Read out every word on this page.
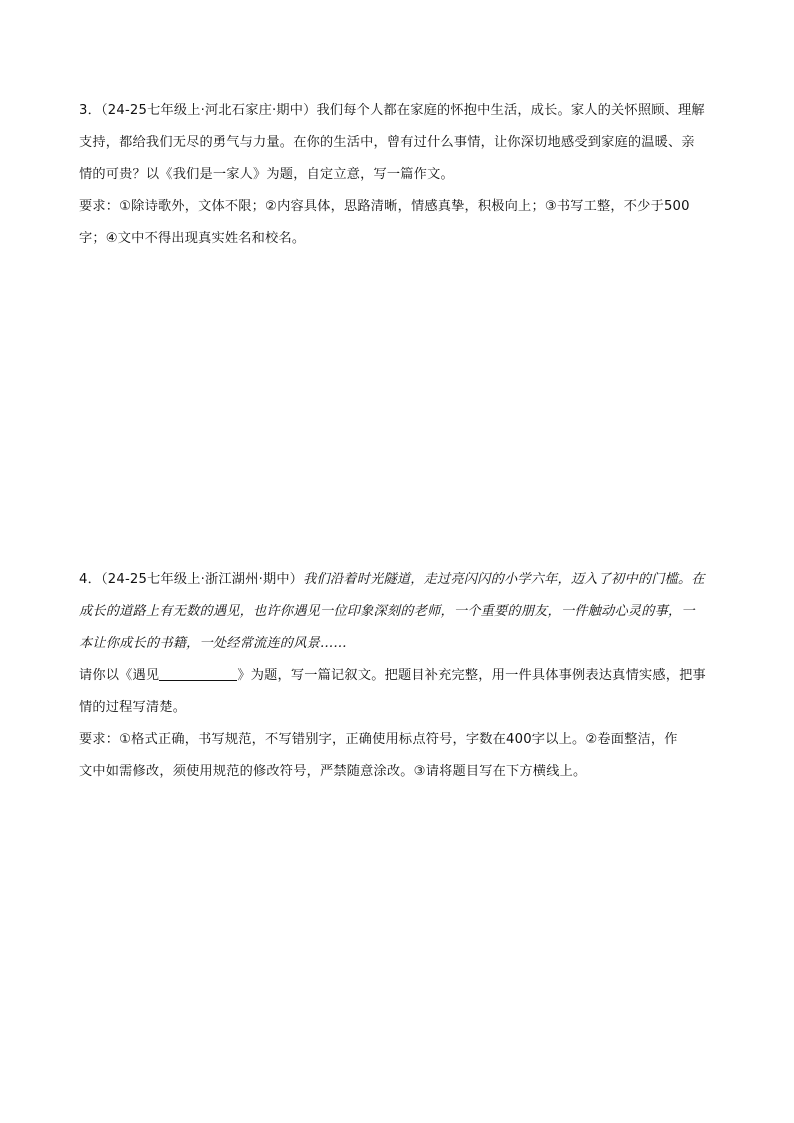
3．（24-25七年级上·河北石家庄·期中）我们每个人都在家庭的怀抱中生活，成长。家人的关怀照顾、理解
支持，都给我们无尽的勇气与力量。在你的生活中，曾有过什么事情，让你深切地感受到家庭的温暖、亲
情的可贵？以《我们是一家人》为题，自定立意，写一篇作文。
要求：①除诗歌外，文体不限；②内容具体，思路清晰，情感真挚，积极向上；③书写工整，不少于500
字；④文中不得出现真实姓名和校名。
4．（24-25七年级上·浙江湖州·期中）我们沿着时光隧道，走过亮闪闪的小学六年，迈入了初中的门槛。在
成长的道路上有无数的遇见，也许你遇见一位印象深刻的老师，一个重要的朋友，一件触动心灵的事，一
本让你成长的书籍，一处经常流连的风景……
请你以《遇见	》为题，写一篇记叙文。把题目补充完整，用一件具体事例表达真情实感，把事
情的过程写清楚。
要求：①格式正确，书写规范，不写错别字，正确使用标点符号，字数在400字以上。②卷面整洁，作
文中如需修改，须使用规范的修改符号，严禁随意涂改。③请将题目写在下方横线上。
